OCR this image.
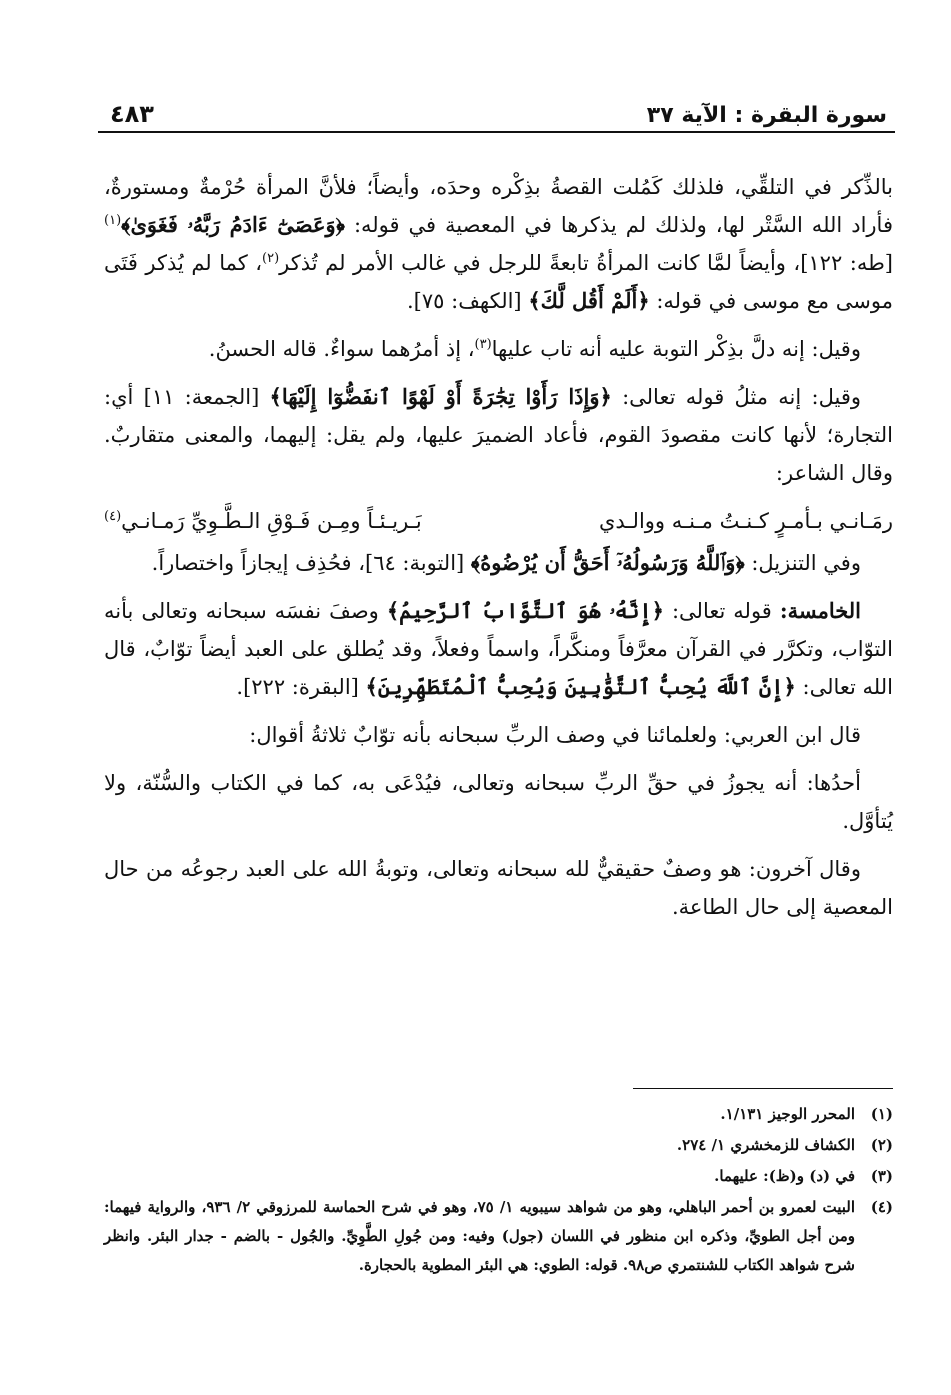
سورة البقرة : الآية ٣٧
٤٨٣

بالذِّكر في التلقِّي، فلذلك كَمُلت القصةُ بذِكْره وحدَه، وأيضاً؛ فلأنَّ المرأة حُرْمةٌ ومستورةٌ، فأراد الله السَّتْر لها، ولذلك لم يذكرها في المعصية في قوله: ﴿وَعَصَىٰٓ ءَادَمُ رَبَّهُۥ فَغَوَىٰ﴾$^{(١)}$ [طه: ١٢٢]، وأيضاً لمَّا كانت المرأةُ تابعةً للرجل في غالب الأمر لم تُذكر$^{(٢)}$، كما لم يُذكر فَتَى موسى مع موسى في قوله: ﴿أَلَمْ أَقُل لَّكَ﴾ [الكهف: ٧٥].

وقيل: إنه دلَّ بذِكْر التوبة عليه أنه تاب عليها$^{(٣)}$، إذ أمرُهما سواءٌ. قاله الحسنُ.

وقيل: إنه مثلُ قوله تعالى: ﴿وَإِذَا رَأَوْا تِجَٰرَةً أَوْ لَهْوًا ٱنفَضُّوٓا إِلَيْهَا﴾ [الجمعة: ١١] أي: التجارة؛ لأنها كانت مقصودَ القوم، فأعاد الضميرَ عليها، ولم يقل: إليهما، والمعنى متقاربٌ. وقال الشاعر:

رمَـانـي بـأمـرٍ كـنـتُ مـنـه ووالـدي
بَـريـئـاً ومِـن فَـوْقِ الـطَّـوِيِّ رَمـانـي$^{(٤)}$

وفي التنزيل: ﴿وَٱللَّهُ وَرَسُولُهُۥٓ أَحَقُّ أَن يُرْضُوهُ﴾ [التوبة: ٦٤]، فحُذِف إيجازاً واختصاراً.

الخامسة: قوله تعالى: ﴿إِنَّهُۥ هُوَ ٱلتَّوَّابُ ٱلرَّحِيمُ﴾ وصفَ نفسَه سبحانه وتعالى بأنه التوّاب، وتكرَّر في القرآن معرَّفاً ومنكَّراً، واسماً وفعلاً، وقد يُطلق على العبد أيضاً توّابٌ، قال الله تعالى: ﴿إِنَّ ٱللَّهَ يُحِبُّ ٱلتَّوَّٰبِينَ وَيُحِبُّ ٱلْمُتَطَهِّرِينَ﴾ [البقرة: ٢٢٢].

قال ابن العربي: ولعلمائنا في وصف الربِّ سبحانه بأنه توّابٌ ثلاثةُ أقوال:

أحدُها: أنه يجوزُ في حقِّ الربِّ سبحانه وتعالى، فيُدْعَى به، كما في الكتاب والسُّنّة، ولا يُتأوَّل.

وقال آخرون: هو وصفٌ حقيقيٌّ لله سبحانه وتعالى، وتوبةُ الله على العبد رجوعُه من حال المعصية إلى حال الطاعة.

(١)
المحرر الوجيز ١/١٣١.
(٢)
الكشاف للزمخشري ١/ ٢٧٤.
(٣)
في (د) و(ظ): عليهما.
(٤)
البيت لعمرو بن أحمر الباهلي، وهو من شواهد سيبويه ١/ ٧٥، وهو في شرح الحماسة للمرزوقي ٢/ ٩٣٦، والرواية فيهما: ومن أجل الطويِّ، وذكره ابن منظور في اللسان (جول) وفيه: ومن جُولِ الطَّوِيِّ. والجُول - بالضم - جدار البئر. وانظر شرح شواهد الكتاب للشنتمري ص٩٨. قوله: الطوي: هي البئر المطوية بالحجارة.
